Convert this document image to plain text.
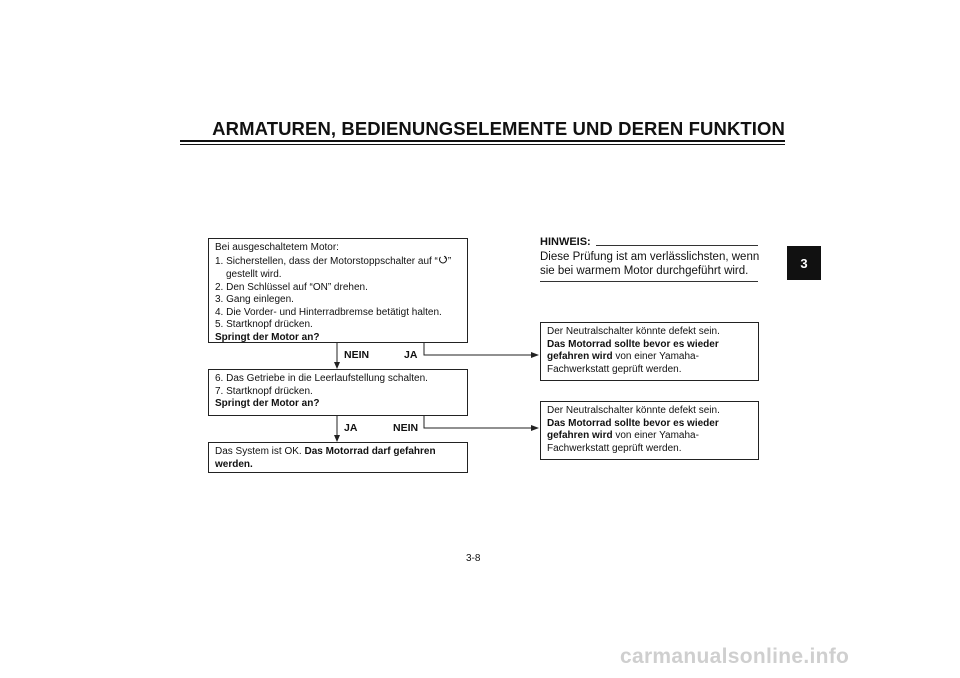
ARMATUREN, BEDIENUNGSELEMENTE UND DEREN FUNKTION
3

Bei ausgeschaltetem Motor:

1. Sicherstellen, dass der Motorstoppschalter auf “ ”

gestellt wird.

2. Den Schlüssel auf “ON” drehen.

3. Gang einlegen.

4. Die Vorder- und Hinterradbremse betätigt halten.

5. Startknopf drücken.

Springt der Motor an?

NEIN	JA

6. Das Getriebe in die Leerlaufstellung schalten.

7. Startknopf drücken.

Springt der Motor an?

JA	NEIN

Das System ist OK. Das Motorrad darf gefahren werden.

Der Neutralschalter könnte defekt sein.

Das Motorrad sollte bevor es wieder gefahren wird von einer Yamaha-Fachwerkstatt geprüft werden.

Der Neutralschalter könnte defekt sein.

Das Motorrad sollte bevor es wieder gefahren wird von einer Yamaha-Fachwerkstatt geprüft werden.

HINWEIS:
Diese Prüfung ist am verlässlichsten, wenn sie bei warmem Motor durchgeführt wird.
3-8
carmanualsonline.info
